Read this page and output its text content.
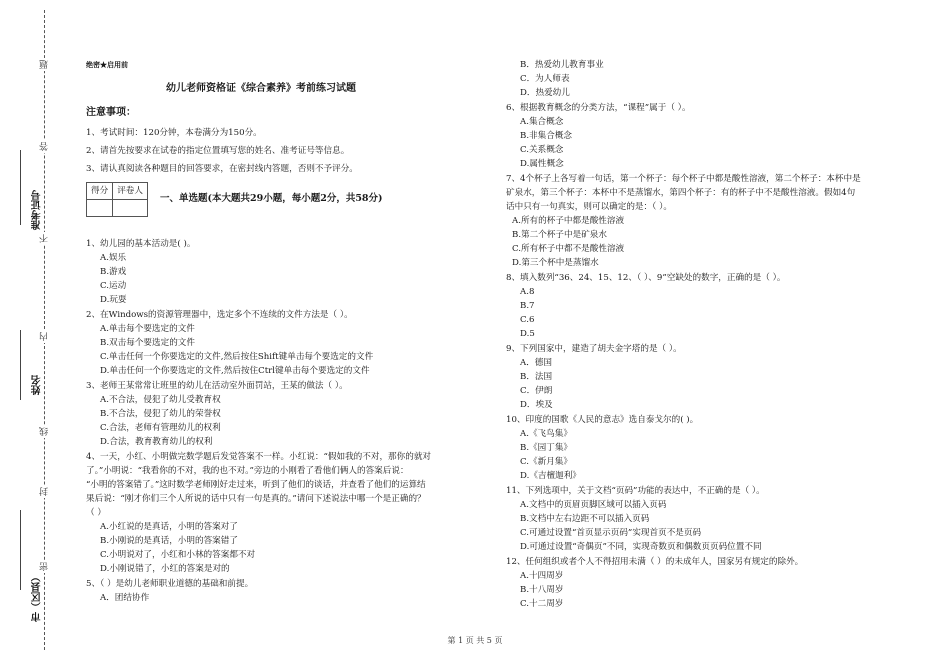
题
答
不
内
线
封
密
准考证号
姓名
市（区县）
绝密★启用前
幼儿老师资格证《综合素养》考前练习试题
注意事项：
1、考试时间：120分钟，本卷满分为150分。
2、请首先按要求在试卷的指定位置填写您的姓名、准考证号等信息。
3、请认真阅读各种题目的回答要求，在密封线内答题，否则不予评分。
得分	评卷人

一、单选题(本大题共29小题，每小题2分，共58分)
1、幼儿园的基本活动是( )。
A.娱乐
B.游戏
C.运动
D.玩耍
2、在Windows的资源管理器中，选定多个不连续的文件方法是（ ）。
A.单击每个要选定的文件
B.双击每个要选定的文件
C.单击任何一个你要选定的文件,然后按住Shift键单击每个要选定的文件
D.单击任何一个你要选定的文件,然后按住Ctrl键单击每个要选定的文件
3、老师王某常常让班里的幼儿在活动室外面罚站，王某的做法（ ）。
A.不合法，侵犯了幼儿受教育权
B.不合法，侵犯了幼儿的荣誉权
C.合法，老师有管理幼儿的权利
D.合法，教育教育幼儿的权利
4、一天，小红、小明做完数学题后发觉答案不一样。小红说：“假如我的不对，那你的就对
了。”小明说：“我看你的不对，我的也不对。”旁边的小刚看了看他们俩人的答案后说：
“小明的答案错了。”这时数学老师刚好走过来，听到了他们的谈话，并查看了他们的运算结
果后说：“刚才你们三个人所说的话中只有一句是真的。”请问下述说法中哪一个是正确的？
（ ）
A.小红说的是真话，小明的答案对了
B.小刚说的是真话，小明的答案错了
C.小明说对了，小红和小林的答案都不对
D.小刚说错了，小红的答案是对的
5、（ ）是幼儿老师职业道德的基础和前提。
A．团结协作
B．热爱幼儿教育事业
C．为人师表
D．热爱幼儿
6、根据教育概念的分类方法，“课程”属于（ ）。
A.集合概念
B.非集合概念
C.关系概念
D.属性概念
7、4个杯子上各写着一句话，第一个杯子：每个杯子中都是酸性溶液，第二个杯子：本杯中是
矿泉水，第三个杯子：本杯中不是蒸馏水，第四个杯子：有的杯子中不是酸性溶液。假如4句
话中只有一句真实，则可以确定的是：（ ）。
A.所有的杯子中都是酸性溶液
B.第二个杯子中是矿泉水
C.所有杯子中都不是酸性溶液
D.第三个杯中是蒸馏水
8、填入数列“36、24、15、12、（ ）、9”空缺处的数字，正确的是（ ）。
A.8
B.7
C.6
D.5
9、下列国家中，建造了胡夫金字塔的是（ ）。
A．德国
B．法国
C．伊朗
D．埃及
10、印度的国歌《人民的意志》选自泰戈尔的( )。
A.《飞鸟集》
B.《园丁集》
C.《新月集》
D.《吉檀迦利》
11、下列选项中，关于文档“页码”功能的表达中，不正确的是（ ）。
A.文档中的页眉页脚区域可以插入页码
B.文档中左右边距不可以插入页码
C.可通过设置“首页显示页码”实现首页不是页码
D.可通过设置“奇偶页”不同，实现奇数页和偶数页页码位置不同
12、任何组织或者个人不得招用未满（ ）的未成年人，国家另有规定的除外。
A.十四周岁
B.十八周岁
C.十二周岁
第 1 页 共 5 页
